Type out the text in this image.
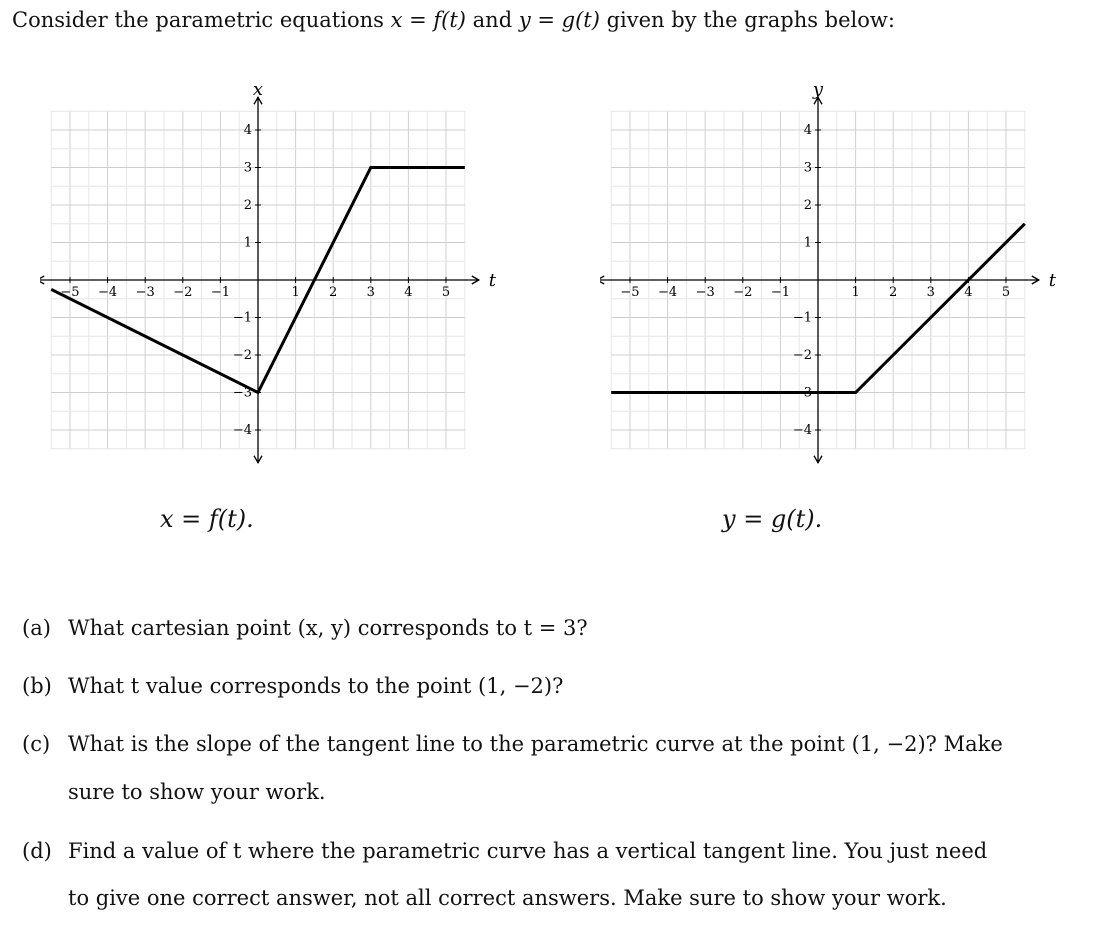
Consider the parametric equations x = f(t) and y = g(t) given by the graphs below:
−5 −4 −3 −2 −1	1 2 3 4 5
−4
−3
−2
−1
1
2
3
4
x
t
−5 −4 −3 −2 −1	1 2 3 4 5
−4
−3
−2
−1
1
2
3
4
y
t
x = f(t).	y = g(t).
(a) What cartesian point (x, y) corresponds to t = 3?
(b) What t value corresponds to the point (1, −2)?
(c) What is the slope of the tangent line to the parametric curve at the point (1, −2)? Make
sure to show your work.
(d) Find a value of t where the parametric curve has a vertical tangent line. You just need
to give one correct answer, not all correct answers. Make sure to show your work.
